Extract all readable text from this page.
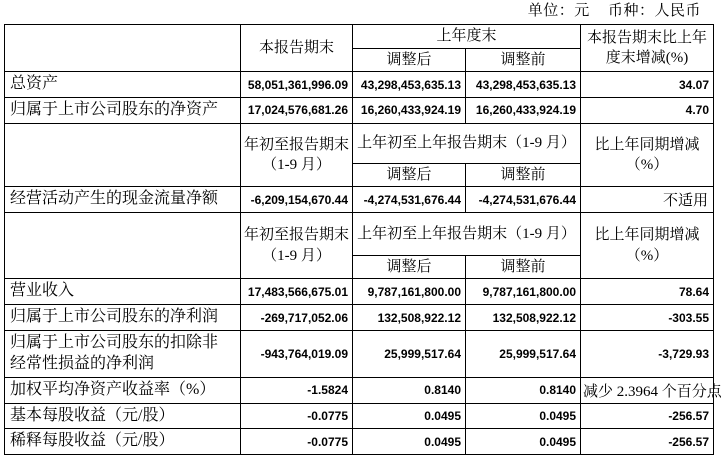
单位：元 币种：人民币
	本报告期末	上年度末		本报告期末比上年度末增减(%)
		调整后	调整前	
总资产	58,051,361,996.09	43,298,453,635.13	43,298,453,635.13	34.07
归属于上市公司股东的净资产	17,024,576,681.26	16,260,433,924.19	16,260,433,924.19	4.70
	年初至报告期末（1-9 月）	上年初至上年报告期末（1-9 月）		比上年同期增减（%）
		调整后	调整前	
经营活动产生的现金流量净额	-6,209,154,670.44	-4,274,531,676.44	-4,274,531,676.44	不适用
	年初至报告期末（1-9 月）	上年初至上年报告期末（1-9 月）		比上年同期增减（%）
		调整后	调整前	
营业收入	17,483,566,675.01	9,787,161,800.00	9,787,161,800.00	78.64
归属于上市公司股东的净利润	-269,717,052.06	132,508,922.12	132,508,922.12	-303.55
归属于上市公司股东的扣除非经常性损益的净利润	-943,764,019.09	25,999,517.64	25,999,517.64	-3,729.93
加权平均净资产收益率（%）	-1.5824	0.8140	0.8140	减少 2.3964 个百分点
基本每股收益（元/股）	-0.0775	0.0495	0.0495	-256.57
稀释每股收益（元/股）	-0.0775	0.0495	0.0495	-256.57
